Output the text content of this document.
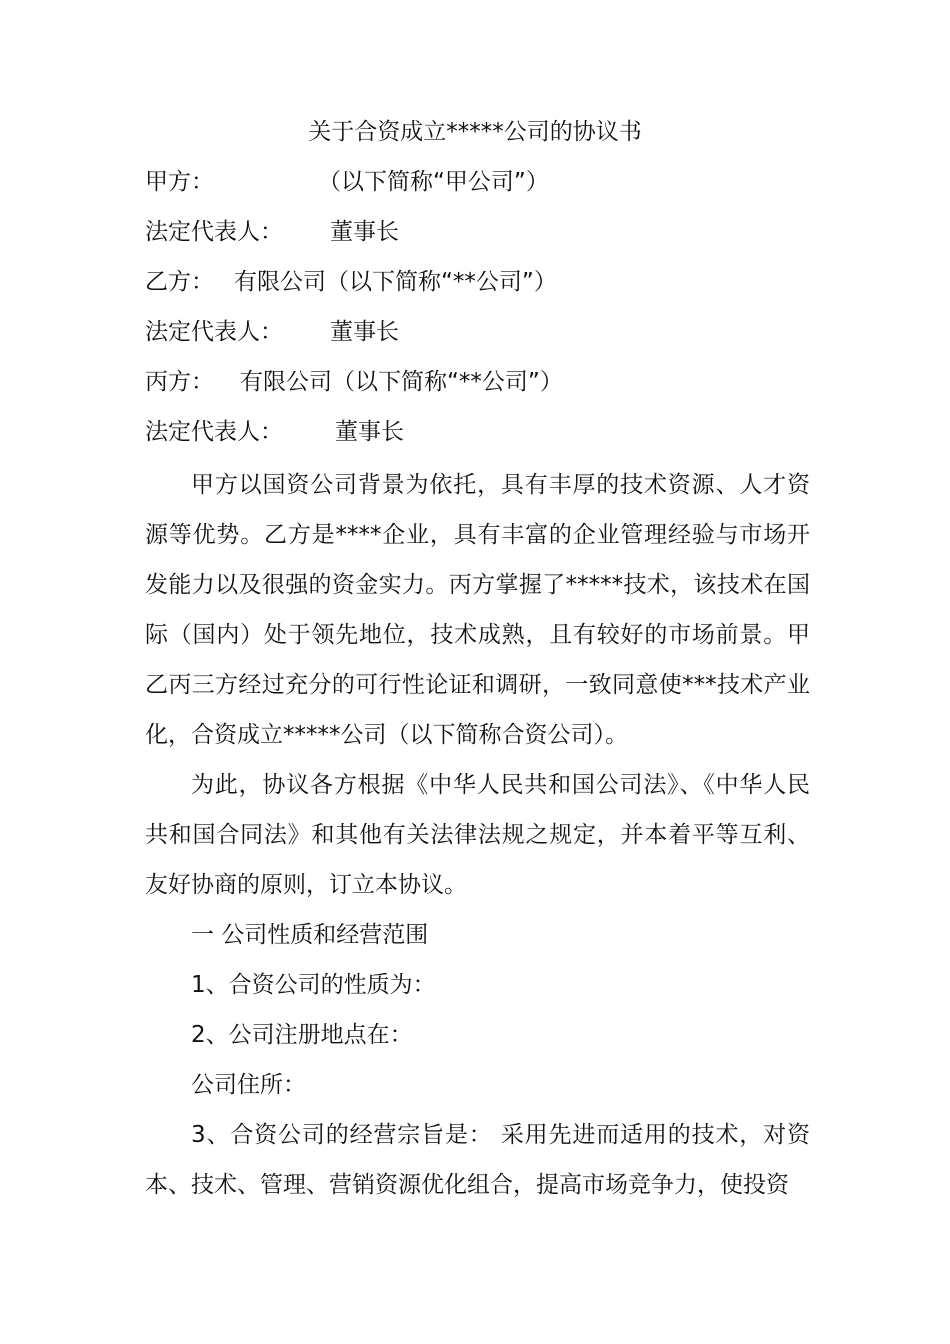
关于合资成立*****公司的协议书
甲方：	（以下简称“甲公司”）
法定代表人： 董事长
乙方： 有限公司（以下简称“**公司”）
法定代表人： 董事长
丙方： 有限公司（以下简称“**公司”）
法定代表人： 董事长

甲方以国资公司背景为依托，具有丰厚的技术资源、人才资源等优势。乙方是****企业，具有丰富的企业管理经验与市场开发能力以及很强的资金实力。丙方掌握了*****技术，该技术在国际（国内）处于领先地位，技术成熟，且有较好的市场前景。甲乙丙三方经过充分的可行性论证和调研，一致同意使***技术产业化，合资成立*****公司（以下简称合资公司）。

为此，协议各方根据《中华人民共和国公司法》、《中华人民共和国合同法》和其他有关法律法规之规定，并本着平等互利、友好协商的原则，订立本协议。

一 公司性质和经营范围

1、合资公司的性质为：

2、公司注册地点在：

公司住所：

3、合资公司的经营宗旨是： 采用先进而适用的技术，对资本、技术、管理、营销资源优化组合，提高市场竞争力，使投资
